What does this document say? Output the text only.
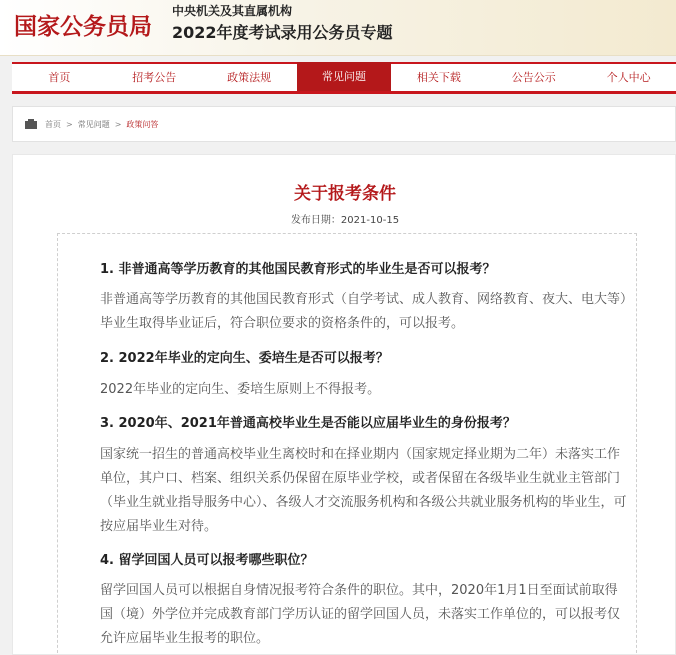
国家公务员局
中央机关及其直属机构
2022年度考试录用公务员专题
首页	招考公告	政策法规	常见问题	相关下载	公告公示	个人中心
首页 > 常见问题 > 政策问答
关于报考条件
发布日期：2021-10-15
1. 非普通高等学历教育的其他国民教育形式的毕业生是否可以报考？
非普通高等学历教育的其他国民教育形式（自学考试、成人教育、网络教育、夜大、电大等）毕业生取得毕业证后，符合职位要求的资格条件的，可以报考。
2. 2022年毕业的定向生、委培生是否可以报考？
2022年毕业的定向生、委培生原则上不得报考。
3. 2020年、2021年普通高校毕业生是否能以应届毕业生的身份报考？
国家统一招生的普通高校毕业生离校时和在择业期内（国家规定择业期为二年）未落实工作单位，其户口、档案、组织关系仍保留在原毕业学校，或者保留在各级毕业生就业主管部门（毕业生就业指导服务中心）、各级人才交流服务机构和各级公共就业服务机构的毕业生，可按应届毕业生对待。
4. 留学回国人员可以报考哪些职位？
留学回国人员可以根据自身情况报考符合条件的职位。其中，2020年1月1日至面试前取得国（境）外学位并完成教育部门学历认证的留学回国人员，未落实工作单位的，可以报考仅允许应届毕业生报考的职位。
